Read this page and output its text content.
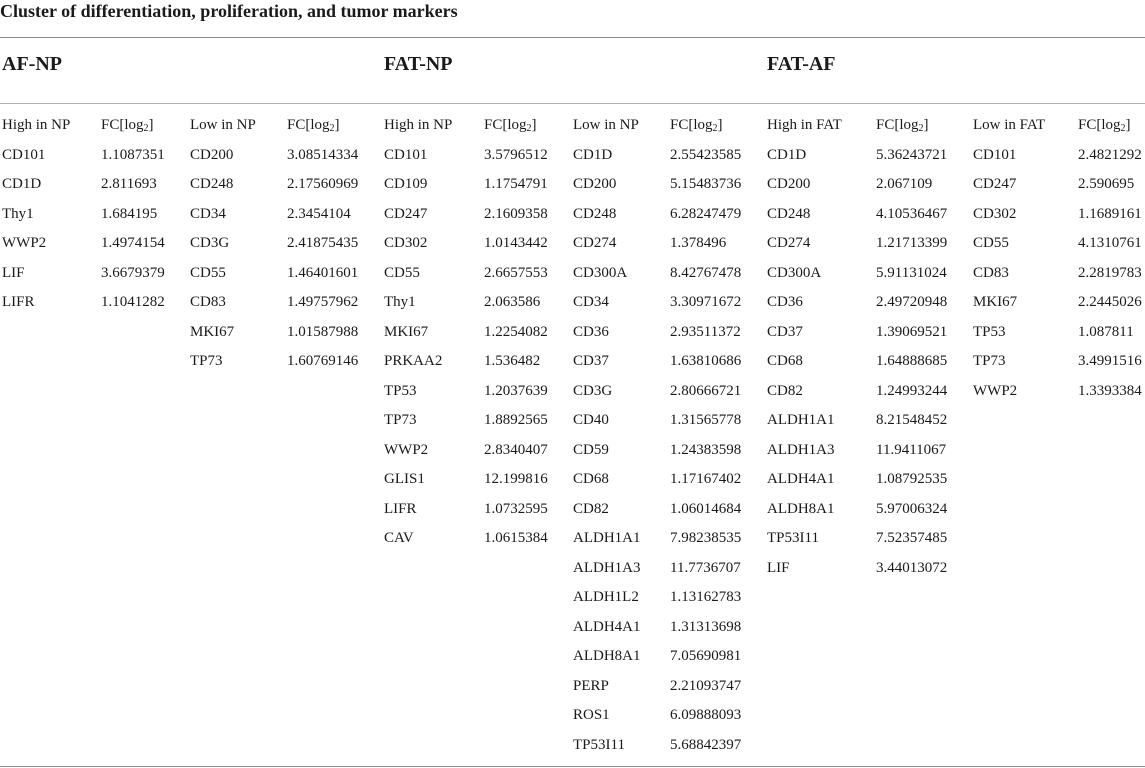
Cluster of differentiation, proliferation, and tumor markers
AF-NP	FAT-NP	FAT-AF
High in NP
CD101
CD1D
Thy1
WWP2
LIF
LIFR
$FC[\log_2]$
1.1087351
2.811693
1.684195
1.4974154
3.6679379
1.1041282
Low in NP
CD200
CD248
CD34
CD3G
CD55
CD83
MKI67
TP73
$FC[\log_2]$
3.08514334
2.17560969
2.3454104
2.41875435
1.46401601
1.49757962
1.01587988
1.60769146
High in NP
CD101
CD109
CD247
CD302
CD55
Thy1
MKI67
PRKAA2
TP53
TP73
WWP2
GLIS1
LIFR
CAV
$FC[\log_2]$
3.5796512
1.1754791
2.1609358
1.0143442
2.6657553
2.063586
1.2254082
1.536482
1.2037639
1.8892565
2.8340407
12.199816
1.0732595
1.0615384
Low in NP
CD1D
CD200
CD248
CD274
CD300A
CD34
CD36
CD37
CD3G
CD40
CD59
CD68
CD82
ALDH1A1
ALDH1A3
ALDH1L2
ALDH4A1
ALDH8A1
PERP
ROS1
TP53I11
$FC[\log_2]$
2.55423585
5.15483736
6.28247479
1.378496
8.42767478
3.30971672
2.93511372
1.63810686
2.80666721
1.31565778
1.24383598
1.17167402
1.06014684
7.98238535
11.7736707
1.13162783
1.31313698
7.05690981
2.21093747
6.09888093
5.68842397
High in FAT
CD1D
CD200
CD248
CD274
CD300A
CD36
CD37
CD68
CD82
ALDH1A1
ALDH1A3
ALDH4A1
ALDH8A1
TP53I11
LIF
$FC[\log_2]$
5.36243721
2.067109
4.10536467
1.21713399
5.91131024
2.49720948
1.39069521
1.64888685
1.24993244
8.21548452
11.9411067
1.08792535
5.97006324
7.52357485
3.44013072
Low in FAT
CD101
CD247
CD302
CD55
CD83
MKI67
TP53
TP73
WWP2
$FC[\log_2]$
2.4821292
2.590695
1.1689161
4.1310761
2.2819783
2.2445026
1.087811
3.4991516
1.3393384
